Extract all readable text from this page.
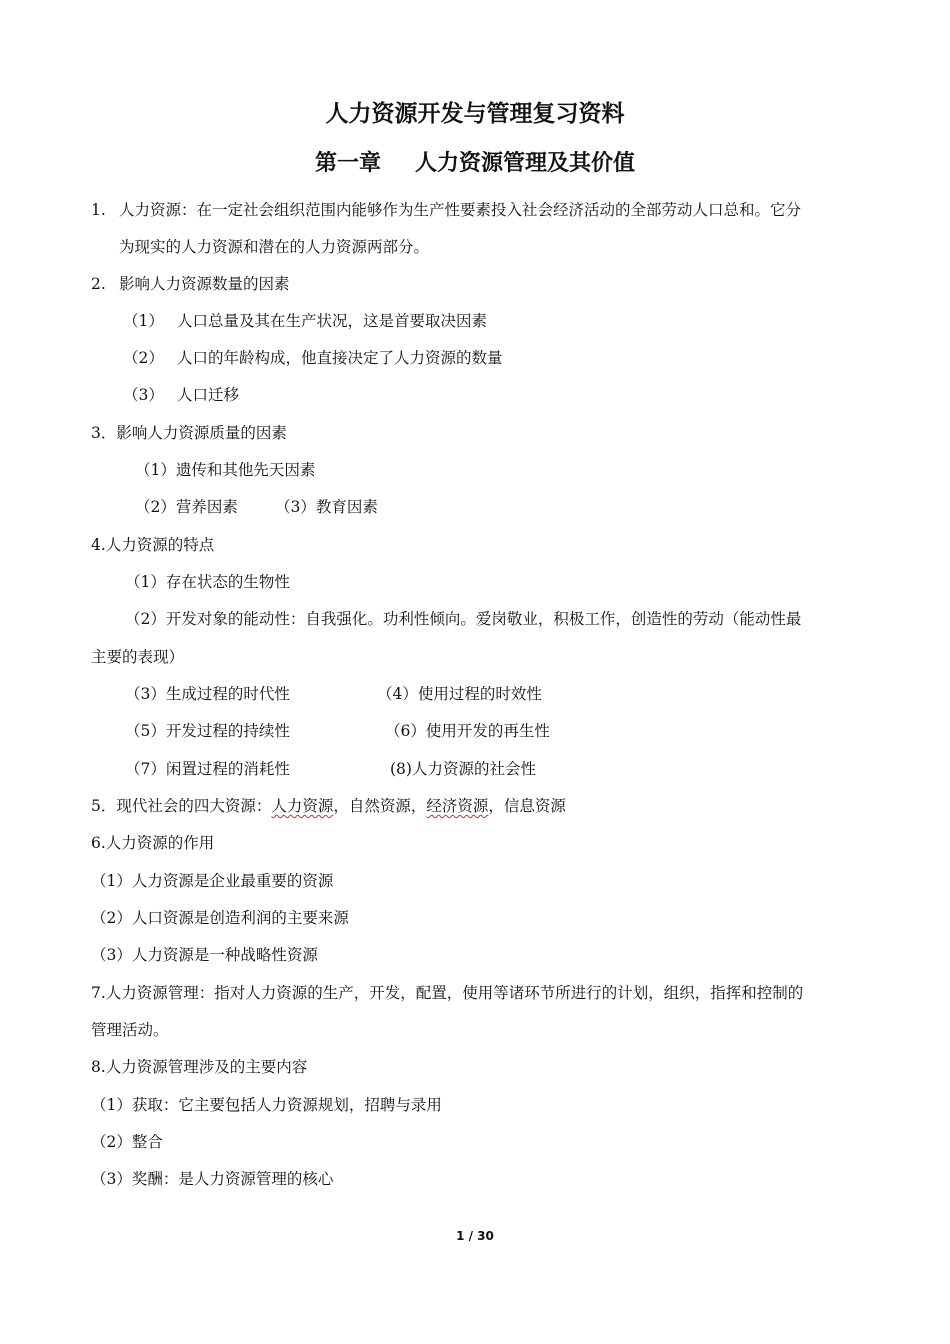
人力资源开发与管理复习资料
第一章 人力资源管理及其价值
1. 人力资源：在一定社会组织范围内能够作为生产性要素投入社会经济活动的全部劳动人口总和。它分
为现实的人力资源和潜在的人力资源两部分。
2. 影响人力资源数量的因素
（1） 人口总量及其在生产状况，这是首要取决因素
（2） 人口的年龄构成，他直接决定了人力资源的数量
（3） 人口迁移
3．影响人力资源质量的因素
（1）遗传和其他先天因素
（2）营养因素 （3）教育因素
4.人力资源的特点
（1）存在状态的生物性
（2）开发对象的能动性：自我强化。功利性倾向。爱岗敬业，积极工作，创造性的劳动（能动性最
主要的表现）
（3）生成过程的时代性	（4）使用过程的时效性
（5）开发过程的持续性	（6）使用开发的再生性
（7）闲置过程的消耗性	(8)人力资源的社会性
5．现代社会的四大资源：人力资源，自然资源，经济资源，信息资源
6.人力资源的作用
（1）人力资源是企业最重要的资源
（2）人口资源是创造利润的主要来源
（3）人力资源是一种战略性资源
7.人力资源管理：指对人力资源的生产，开发，配置，使用等诸环节所进行的计划，组织，指挥和控制的
管理活动。
8.人力资源管理涉及的主要内容
（1）获取：它主要包括人力资源规划，招聘与录用
（2）整合
（3）奖酬：是人力资源管理的核心
1 / 30
